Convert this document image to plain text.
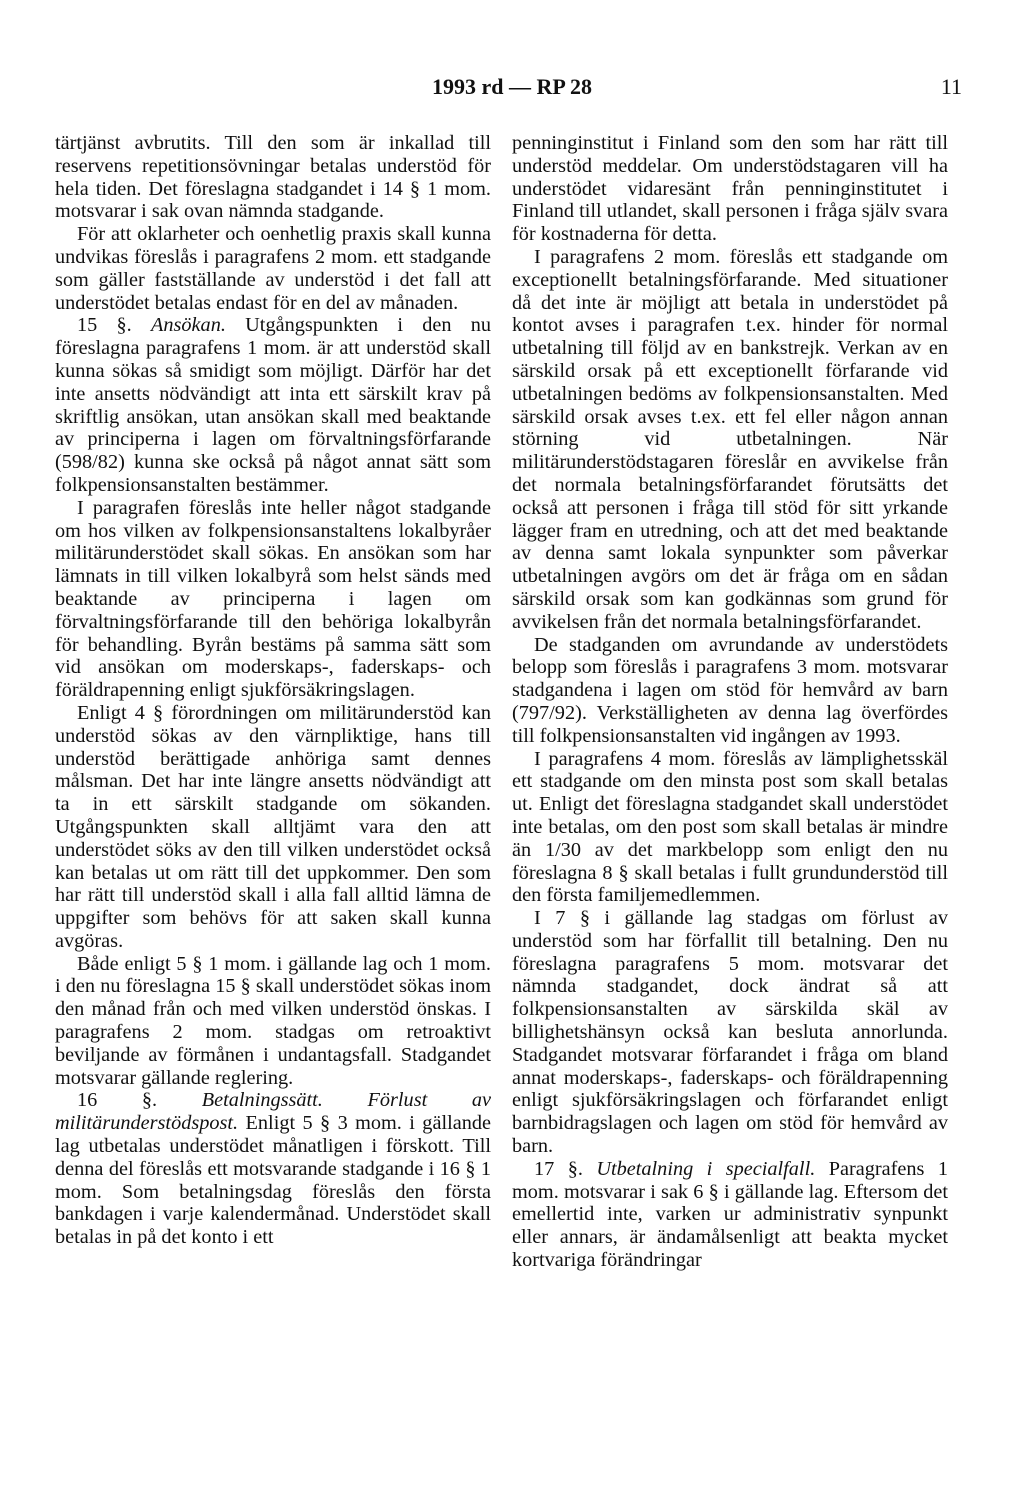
1993 rd — RP 28	11

tärtjänst avbrutits. Till den som är inkallad till reservens repetitionsövningar betalas understöd för hela tiden. Det föreslagna stadgandet i 14 § 1 mom. motsvarar i sak ovan nämnda stadgande.

För att oklarheter och oenhetlig praxis skall kunna undvikas föreslås i paragrafens 2 mom. ett stadgande som gäller fastställande av understöd i det fall att understödet betalas endast för en del av månaden.

15 §. Ansökan. Utgångspunkten i den nu föreslagna paragrafens 1 mom. är att understöd skall kunna sökas så smidigt som möjligt. Därför har det inte ansetts nödvändigt att inta ett särskilt krav på skriftlig ansökan, utan ansökan skall med beaktande av principerna i lagen om förvaltningsförfarande (598/82) kunna ske också på något annat sätt som folkpensionsanstalten bestämmer.

I paragrafen föreslås inte heller något stadgande om hos vilken av folkpensionsanstaltens lokalbyråer militärunderstödet skall sökas. En ansökan som har lämnats in till vilken lokalbyrå som helst sänds med beaktande av principerna i lagen om förvaltningsförfarande till den behöriga lokalbyrån för behandling. Byrån bestäms på samma sätt som vid ansökan om moderskaps-, faderskaps- och föräldrapenning enligt sjukförsäkringslagen.

Enligt 4 § förordningen om militärunderstöd kan understöd sökas av den värnpliktige, hans till understöd berättigade anhöriga samt dennes målsman. Det har inte längre ansetts nödvändigt att ta in ett särskilt stadgande om sökanden. Utgångspunkten skall alltjämt vara den att understödet söks av den till vilken understödet också kan betalas ut om rätt till det uppkommer. Den som har rätt till understöd skall i alla fall alltid lämna de uppgifter som behövs för att saken skall kunna avgöras.

Både enligt 5 § 1 mom. i gällande lag och 1 mom. i den nu föreslagna 15 § skall understödet sökas inom den månad från och med vilken understöd önskas. I paragrafens 2 mom. stadgas om retroaktivt beviljande av förmånen i undantagsfall. Stadgandet motsvarar gällande reglering.

16 §. Betalningssätt. Förlust av militärunderstödspost. Enligt 5 § 3 mom. i gällande lag utbetalas understödet månatligen i förskott. Till denna del föreslås ett motsvarande stadgande i 16 § 1 mom. Som betalningsdag föreslås den första bankdagen i varje kalendermånad. Understödet skall betalas in på det konto i ett

penninginstitut i Finland som den som har rätt till understöd meddelar. Om understödstagaren vill ha understödet vidaresänt från penninginstitutet i Finland till utlandet, skall personen i fråga själv svara för kostnaderna för detta.

I paragrafens 2 mom. föreslås ett stadgande om exceptionellt betalningsförfarande. Med situationer då det inte är möjligt att betala in understödet på kontot avses i paragrafen t.ex. hinder för normal utbetalning till följd av en bankstrejk. Verkan av en särskild orsak på ett exceptionellt förfarande vid utbetalningen bedöms av folkpensionsanstalten. Med särskild orsak avses t.ex. ett fel eller någon annan störning vid utbetalningen. När militärunderstödstagaren föreslår en avvikelse från det normala betalningsförfarandet förutsätts det också att personen i fråga till stöd för sitt yrkande lägger fram en utredning, och att det med beaktande av denna samt lokala synpunkter som påverkar utbetalningen avgörs om det är fråga om en sådan särskild orsak som kan godkännas som grund för avvikelsen från det normala betalningsförfarandet.

De stadganden om avrundande av understödets belopp som föreslås i paragrafens 3 mom. motsvarar stadgandena i lagen om stöd för hemvård av barn (797/92). Verkställigheten av denna lag överfördes till folkpensionsanstalten vid ingången av 1993.

I paragrafens 4 mom. föreslås av lämplighetsskäl ett stadgande om den minsta post som skall betalas ut. Enligt det föreslagna stadgandet skall understödet inte betalas, om den post som skall betalas är mindre än 1/30 av det markbelopp som enligt den nu föreslagna 8 § skall betalas i fullt grundunderstöd till den första familjemedlemmen.

I 7 § i gällande lag stadgas om förlust av understöd som har förfallit till betalning. Den nu föreslagna paragrafens 5 mom. motsvarar det nämnda stadgandet, dock ändrat så att folkpensionsanstalten av särskilda skäl av billighetshänsyn också kan besluta annorlunda. Stadgandet motsvarar förfarandet i fråga om bland annat moderskaps-, faderskaps- och föräldrapenning enligt sjukförsäkringslagen och förfarandet enligt barnbidragslagen och lagen om stöd för hemvård av barn.

17 §. Utbetalning i specialfall. Paragrafens 1 mom. motsvarar i sak 6 § i gällande lag. Eftersom det emellertid inte, varken ur administrativ synpunkt eller annars, är ändamålsenligt att beakta mycket kortvariga förändringar
